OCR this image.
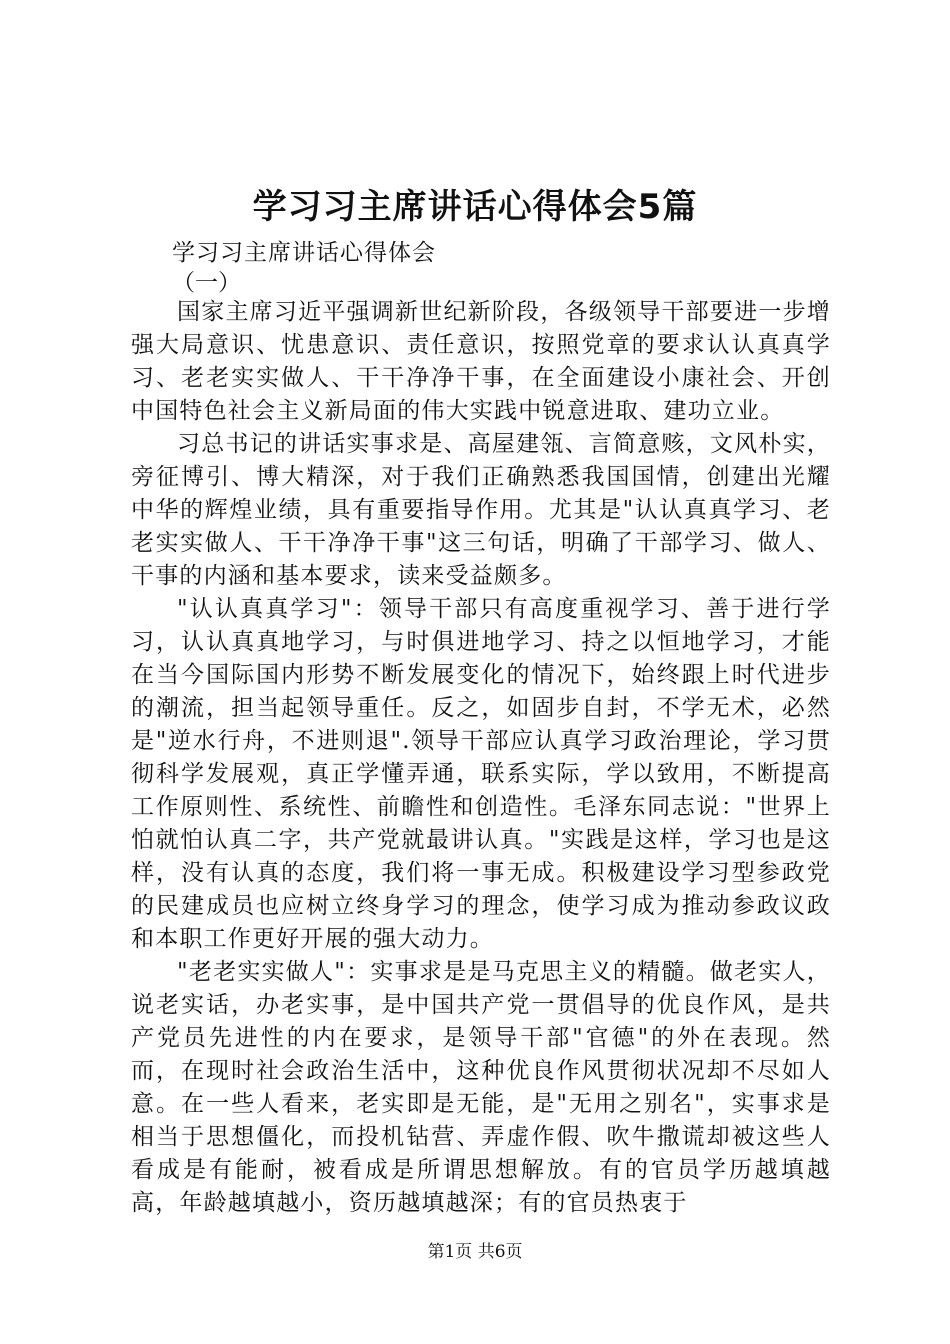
学习习主席讲话心得体会5篇
学习习主席讲话心得体会
（一）

国家主席习近平强调新世纪新阶段，各级领导干部要进一步增强大局意识、忧患意识、责任意识，按照党章的要求认认真真学习、老老实实做人、干干净净干事，在全面建设小康社会、开创中国特色社会主义新局面的伟大实践中锐意进取、建功立业。

习总书记的讲话实事求是、高屋建瓴、言简意赅，文风朴实，旁征博引、博大精深，对于我们正确熟悉我国国情，创建出光耀中华的辉煌业绩，具有重要指导作用。尤其是"认认真真学习、老老实实做人、干干净净干事"这三句话，明确了干部学习、做人、干事的内涵和基本要求，读来受益颇多。

"认认真真学习"：领导干部只有高度重视学习、善于进行学习，认认真真地学习，与时俱进地学习、持之以恒地学习，才能在当今国际国内形势不断发展变化的情况下，始终跟上时代进步的潮流，担当起领导重任。反之，如固步自封，不学无术，必然是"逆水行舟，不进则退".领导干部应认真学习政治理论，学习贯彻科学发展观，真正学懂弄通，联系实际，学以致用，不断提高工作原则性、系统性、前瞻性和创造性。毛泽东同志说："世界上怕就怕认真二字，共产党就最讲认真。"实践是这样，学习也是这样，没有认真的态度，我们将一事无成。积极建设学习型参政党的民建成员也应树立终身学习的理念，使学习成为推动参政议政和本职工作更好开展的强大动力。

"老老实实做人"：实事求是是马克思主义的精髓。做老实人，说老实话，办老实事，是中国共产党一贯倡导的优良作风，是共产党员先进性的内在要求，是领导干部"官德"的外在表现。然而，在现时社会政治生活中，这种优良作风贯彻状况却不尽如人意。在一些人看来，老实即是无能，是"无用之别名"，实事求是相当于思想僵化，而投机钻营、弄虚作假、吹牛撒谎却被这些人看成是有能耐，被看成是所谓思想解放。有的官员学历越填越高，年龄越填越小，资历越填越深；有的官员热衷于

第1页 共6页
